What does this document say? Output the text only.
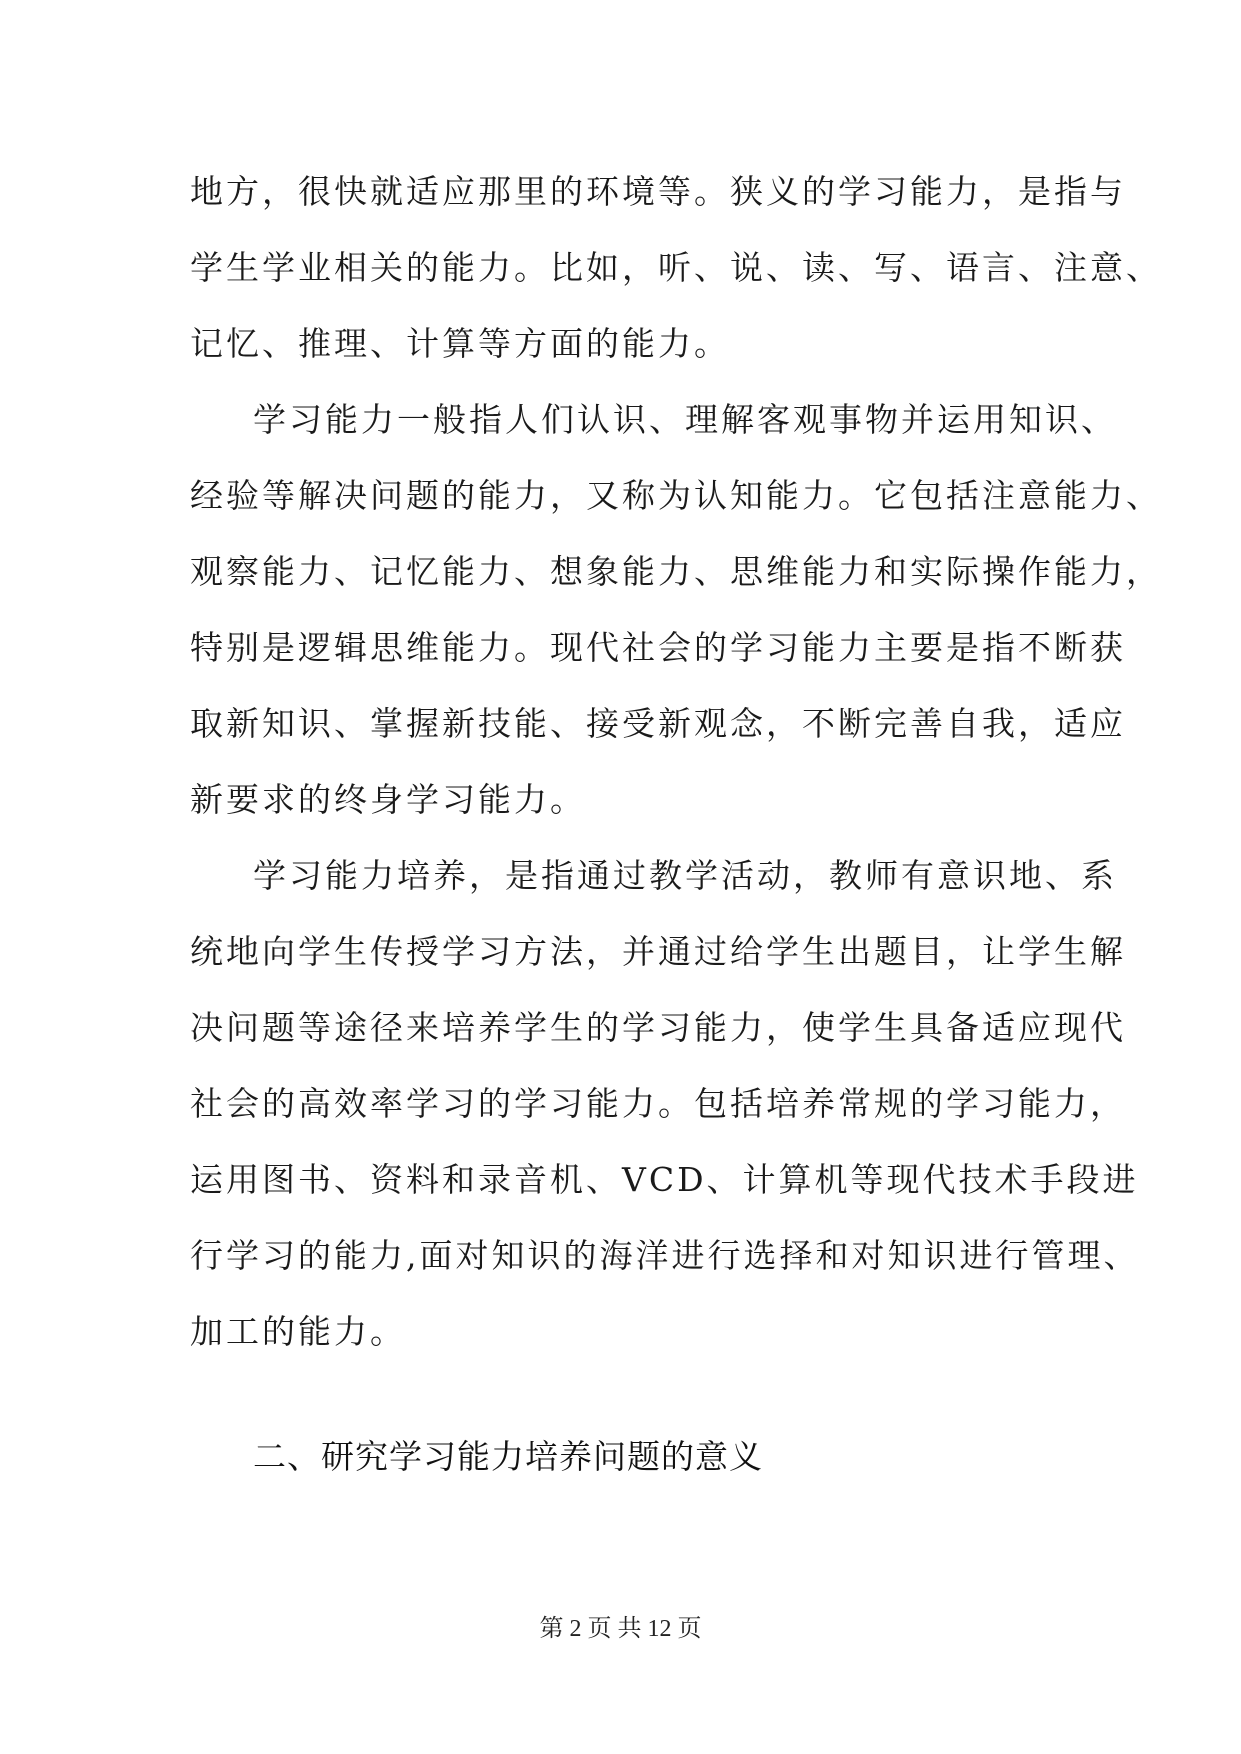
地方，很快就适应那里的环境等。狭义的学习能力，是指与
学生学业相关的能力。比如，听、说、读、写、语言、注意、
记忆、推理、计算等方面的能力。
学习能力一般指人们认识、理解客观事物并运用知识、
经验等解决问题的能力，又称为认知能力。它包括注意能力、
观察能力、记忆能力、想象能力、思维能力和实际操作能力，
特别是逻辑思维能力。现代社会的学习能力主要是指不断获
取新知识、掌握新技能、接受新观念，不断完善自我，适应
新要求的终身学习能力。
学习能力培养，是指通过教学活动，教师有意识地、系
统地向学生传授学习方法，并通过给学生出题目，让学生解
决问题等途径来培养学生的学习能力，使学生具备适应现代
社会的高效率学习的学习能力。包括培养常规的学习能力，
运用图书、资料和录音机、VCD、计算机等现代技术手段进
行学习的能力,面对知识的海洋进行选择和对知识进行管理、
加工的能力。
二、研究学习能力培养问题的意义
第 2 页 共 12 页
